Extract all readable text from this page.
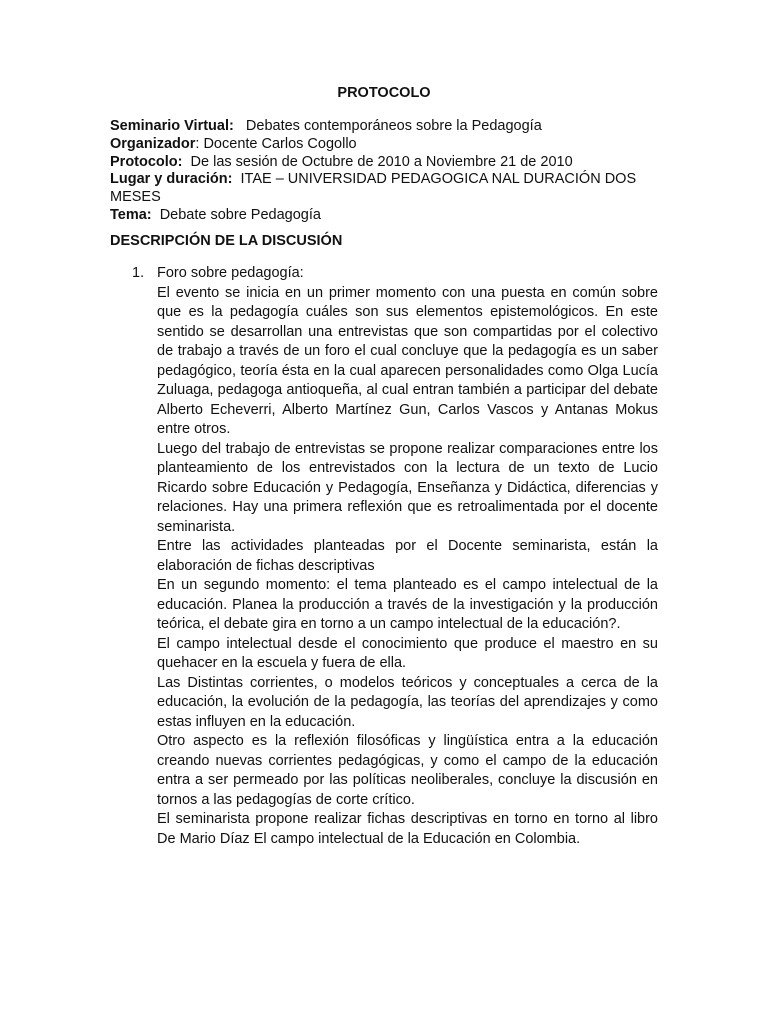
PROTOCOLO

Seminario Virtual:   Debates contemporáneos sobre la Pedagogía

Organizador: Docente Carlos Cogollo

Protocolo:  De las sesión de Octubre de 2010 a Noviembre 21 de 2010

Lugar y duración:  ITAE – UNIVERSIDAD PEDAGOGICA NAL DURACIÓN DOS MESES

Tema:  Debate sobre Pedagogía

DESCRIPCIÓN DE LA DISCUSIÓN
1. Foro sobre pedagogía:

El evento se inicia en un primer momento con una puesta en común sobre que es la pedagogía cuáles son sus elementos epistemológicos. En este sentido se desarrollan una entrevistas que son compartidas por el colectivo de trabajo a través de un foro el cual concluye que la pedagogía es un saber pedagógico, teoría ésta en la cual aparecen personalidades como Olga Lucía Zuluaga, pedagoga antioqueña, al cual entran también a participar del debate Alberto Echeverri, Alberto Martínez Gun, Carlos Vascos y Antanas Mokus entre otros.

Luego del trabajo de entrevistas se propone realizar comparaciones entre los planteamiento de los entrevistados con la lectura de un texto de Lucio Ricardo sobre Educación y Pedagogía, Enseñanza y Didáctica, diferencias y relaciones. Hay una primera reflexión que es retroalimentada por el docente seminarista.

Entre las actividades planteadas por el Docente seminarista, están la elaboración de fichas descriptivas

En un segundo momento: el tema planteado es el campo intelectual de la educación. Planea la producción a través de la investigación y la producción teórica, el debate gira en torno a un campo intelectual de la educación?.

El campo intelectual desde el conocimiento que produce el maestro en su quehacer en la escuela y fuera de ella.

Las Distintas corrientes, o modelos teóricos y conceptuales a cerca de la educación, la evolución de la pedagogía, las teorías del aprendizajes y como estas influyen en la educación.

Otro aspecto es la reflexión filosóficas y lingüística entra a la educación creando nuevas corrientes pedagógicas, y como el campo de la educación entra a ser permeado por las políticas neoliberales, concluye la discusión en tornos a las pedagogías de corte crítico.

El seminarista propone realizar fichas descriptivas en torno en torno al libro De Mario Díaz El campo intelectual de la Educación en Colombia.
